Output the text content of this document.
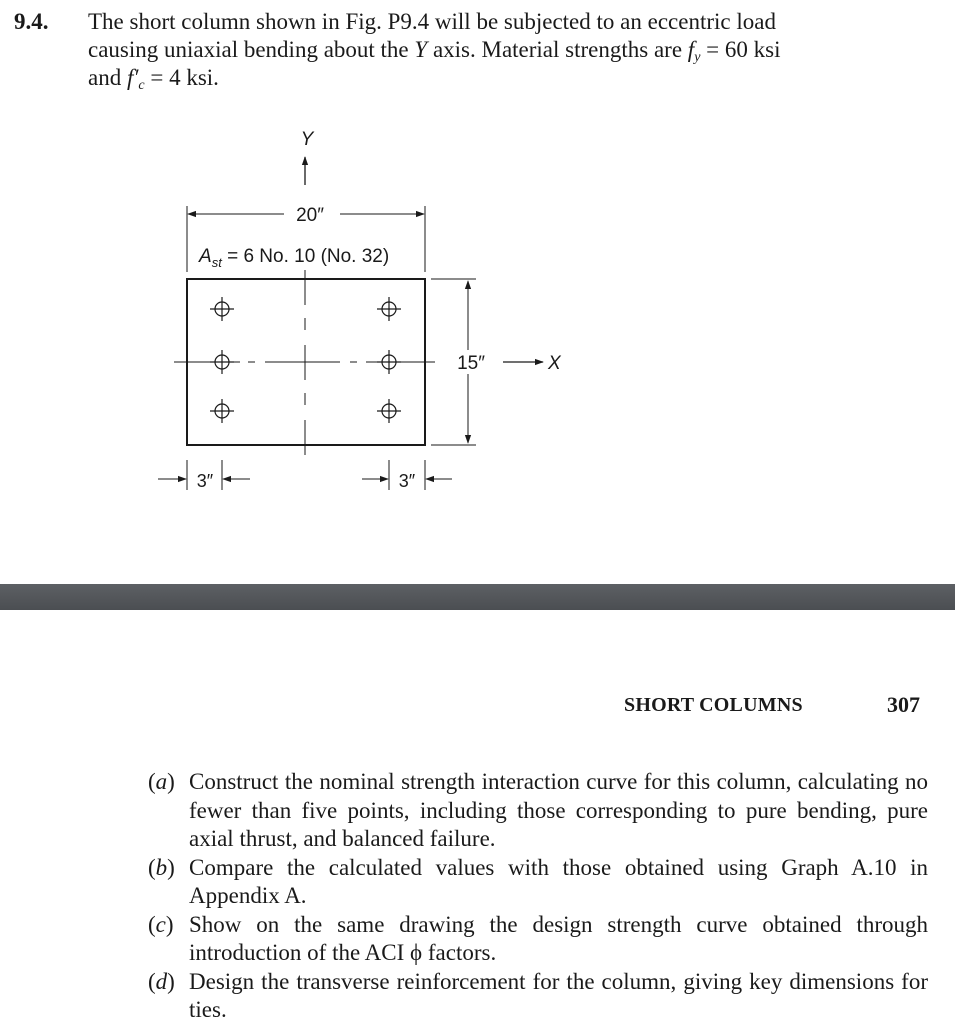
9.4. The short column shown in Fig. P9.4 will be subjected to an eccentric load
causing uniaxial bending about the Y axis. Material strengths are $f_y = 60$ ksi
and $f'_c = 4$ ksi.
Y
20″
$A_{st} = 6$ No. 10 (No. 32)
X
15″
3″	3″
SHORT COLUMNS	307
(a) Construct the nominal strength interaction curve for this column, calculating no fewer than five points, including those corresponding to pure bending, pure axial thrust, and balanced failure.
(b) Compare the calculated values with those obtained using Graph A.10 in Appendix A.
(c) Show on the same drawing the design strength curve obtained through introduction of the ACI ϕ factors.
(d) Design the transverse reinforcement for the column, giving key dimensions for ties.
